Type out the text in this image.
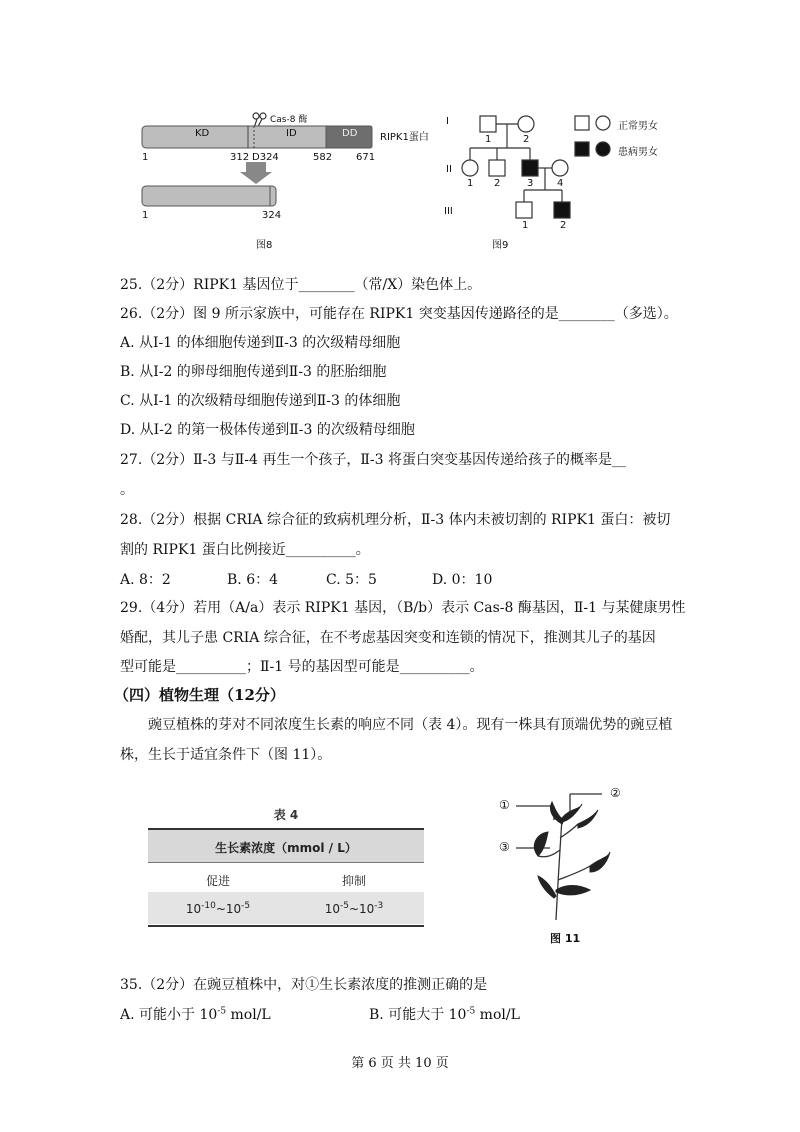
KD	ID	DD
Cas-8 酶
RIPK1蛋白
1	312 D324	582 671
1	324
图8
I
II
III
1	2
1 2	3 4
1	2
正常男女
患病男女
图9
25.（2分）RIPK1 基因位于________（常/X）染色体上。
26.（2分）图 9 所示家族中，可能存在 RIPK1 突变基因传递路径的是________（多选）。
A. 从Ⅰ-1 的体细胞传递到Ⅱ-3 的次级精母细胞
B. 从Ⅰ-2 的卵母细胞传递到Ⅱ-3 的胚胎细胞
C. 从Ⅰ-1 的次级精母细胞传递到Ⅱ-3 的体细胞
D. 从Ⅰ-2 的第一极体传递到Ⅱ-3 的次级精母细胞
27.（2分）Ⅱ-3 与Ⅱ-4 再生一个孩子，Ⅱ-3 将蛋白突变基因传递给孩子的概率是__
。
28.（2分）根据 CRIA 综合征的致病机理分析，Ⅱ-3 体内未被切割的 RIPK1 蛋白：被切
割的 RIPK1 蛋白比例接近__________。
A. 8：2	B. 6：4	C. 5：5	D. 0：10
29.（4分）若用（A/a）表示 RIPK1 基因，（B/b）表示 Cas-8 酶基因，Ⅱ-1 与某健康男性
婚配，其儿子患 CRIA 综合征，在不考虑基因突变和连锁的情况下，推测其儿子的基因
型可能是__________；Ⅱ-1 号的基因型可能是__________。
（四）植物生理（12分）
豌豆植株的芽对不同浓度生长素的响应不同（表 4）。现有一株具有顶端优势的豌豆植株，生长于适宜条件下（图 11）。
表 4
生长素浓度（mmol / L）
促进	抑制
$10^{-10}\sim 10^{-5}$	$10^{-5}\sim 10^{-3}$
①
②
③
图 11
35.（2分）在豌豆植株中，对①生长素浓度的推测正确的是
A. 可能小于 $10^{-5}$ mol/L	B. 可能大于 $10^{-5}$ mol/L
第 6 页 共 10 页
